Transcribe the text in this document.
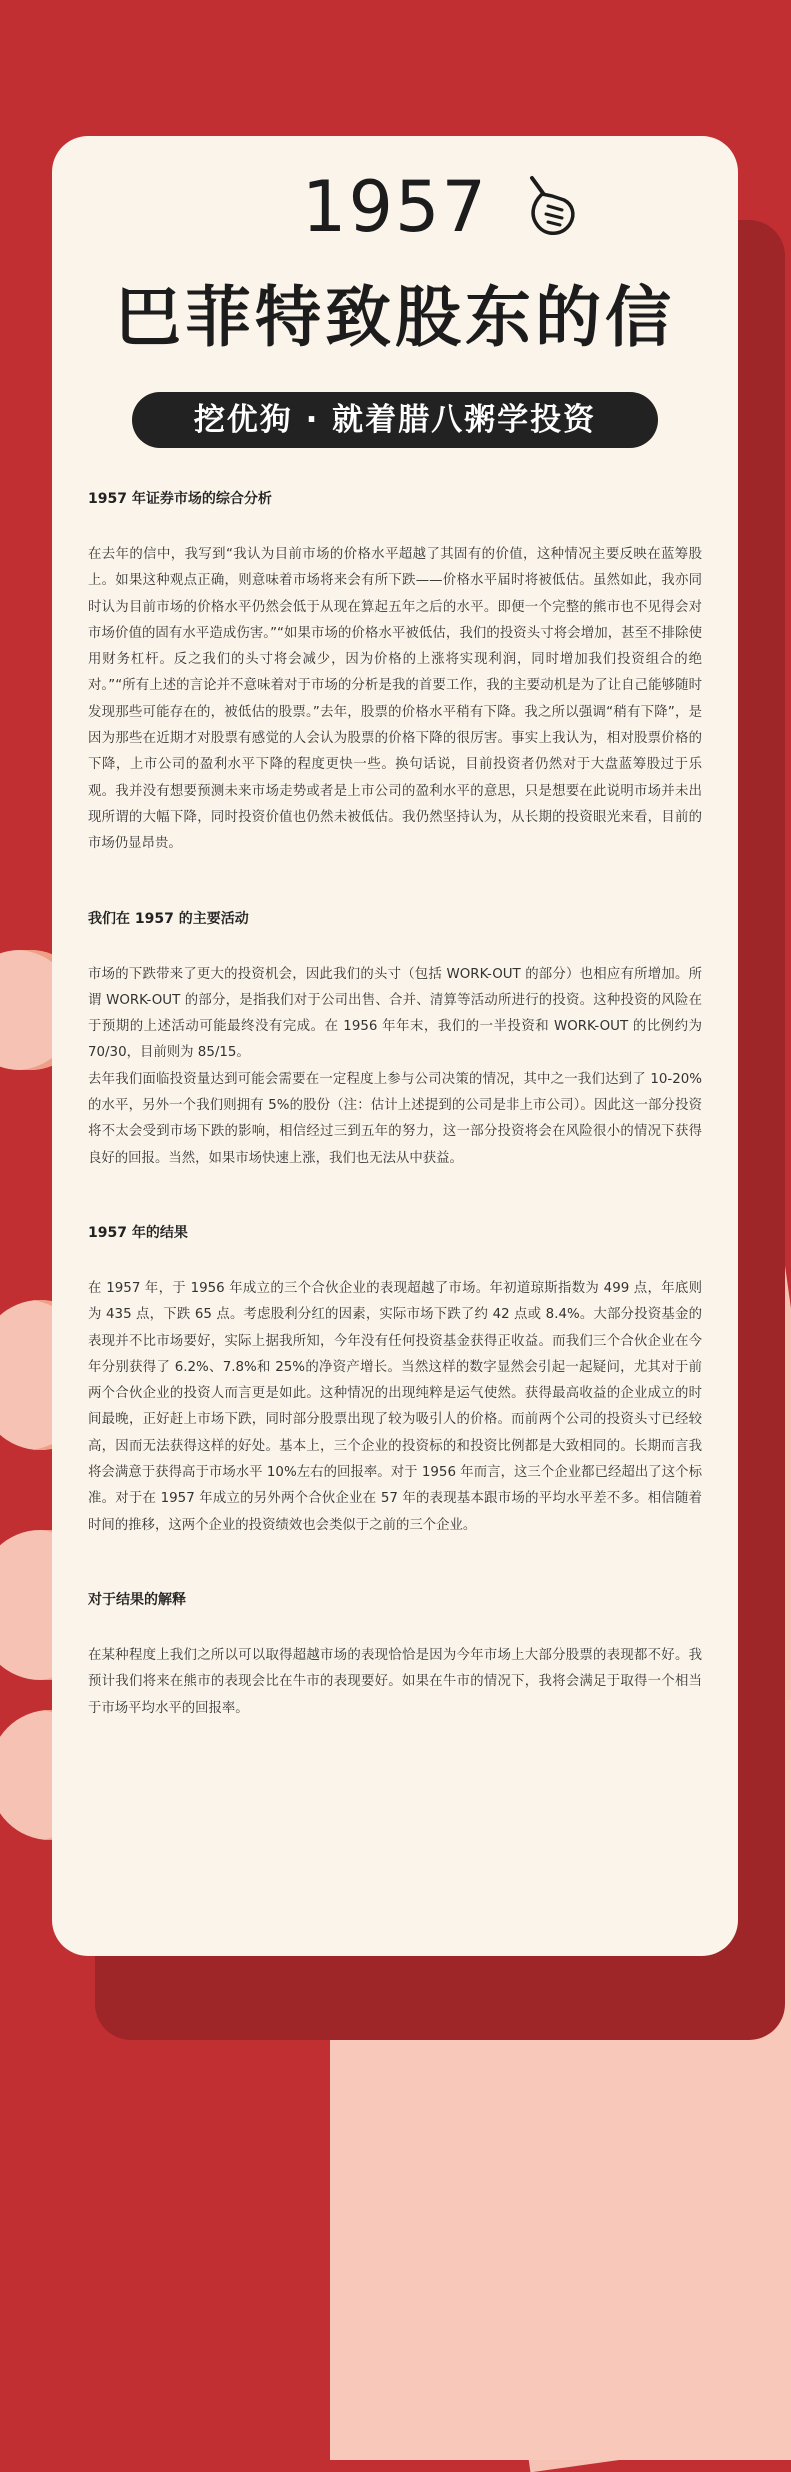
1957
巴菲特致股东的信
挖优狗 · 就着腊八粥学投资
1957 年证券市场的综合分析

在去年的信中，我写到“我认为目前市场的价格水平超越了其固有的价值，这种情况主要反映在蓝筹股上。如果这种观点正确，则意味着市场将来会有所下跌——价格水平届时将被低估。虽然如此，我亦同时认为目前市场的价格水平仍然会低于从现在算起五年之后的水平。即便一个完整的熊市也不见得会对市场价值的固有水平造成伤害。”“如果市场的价格水平被低估，我们的投资头寸将会增加，甚至不排除使用财务杠杆。反之我们的头寸将会减少，因为价格的上涨将实现利润，同时增加我们投资组合的绝对。”“所有上述的言论并不意味着对于市场的分析是我的首要工作，我的主要动机是为了让自己能够随时发现那些可能存在的，被低估的股票。”去年，股票的价格水平稍有下降。我之所以强调“稍有下降”，是因为那些在近期才对股票有感觉的人会认为股票的价格下降的很厉害。事实上我认为，相对股票价格的下降，上市公司的盈利水平下降的程度更快一些。换句话说，目前投资者仍然对于大盘蓝筹股过于乐观。我并没有想要预测未来市场走势或者是上市公司的盈利水平的意思，只是想要在此说明市场并未出现所谓的大幅下降，同时投资价值也仍然未被低估。我仍然坚持认为，从长期的投资眼光来看，目前的市场仍显昂贵。

我们在 1957 的主要活动

市场的下跌带来了更大的投资机会，因此我们的头寸（包括 WORK-OUT 的部分）也相应有所增加。所谓 WORK-OUT 的部分，是指我们对于公司出售、合并、清算等活动所进行的投资。这种投资的风险在于预期的上述活动可能最终没有完成。在 1956 年年末，我们的一半投资和 WORK-OUT 的比例约为 70/30，目前则为 85/15。

去年我们面临投资量达到可能会需要在一定程度上参与公司决策的情况，其中之一我们达到了 10-20%的水平，另外一个我们则拥有 5%的股份（注：估计上述提到的公司是非上市公司）。因此这一部分投资将不太会受到市场下跌的影响，相信经过三到五年的努力，这一部分投资将会在风险很小的情况下获得良好的回报。当然，如果市场快速上涨，我们也无法从中获益。

1957 年的结果

在 1957 年，于 1956 年成立的三个合伙企业的表现超越了市场。年初道琼斯指数为 499 点，年底则为 435 点，下跌 65 点。考虑股利分红的因素，实际市场下跌了约 42 点或 8.4%。大部分投资基金的表现并不比市场要好，实际上据我所知，今年没有任何投资基金获得正收益。而我们三个合伙企业在今年分别获得了 6.2%、7.8%和 25%的净资产增长。当然这样的数字显然会引起一起疑问，尤其对于前两个合伙企业的投资人而言更是如此。这种情况的出现纯粹是运气使然。获得最高收益的企业成立的时间最晚，正好赶上市场下跌，同时部分股票出现了较为吸引人的价格。而前两个公司的投资头寸已经较高，因而无法获得这样的好处。基本上，三个企业的投资标的和投资比例都是大致相同的。长期而言我将会满意于获得高于市场水平 10%左右的回报率。对于 1956 年而言，这三个企业都已经超出了这个标准。对于在 1957 年成立的另外两个合伙企业在 57 年的表现基本跟市场的平均水平差不多。相信随着时间的推移，这两个企业的投资绩效也会类似于之前的三个企业。

对于结果的解释

在某种程度上我们之所以可以取得超越市场的表现恰恰是因为今年市场上大部分股票的表现都不好。我预计我们将来在熊市的表现会比在牛市的表现要好。如果在牛市的情况下，我将会满足于取得一个相当于市场平均水平的回报率。
